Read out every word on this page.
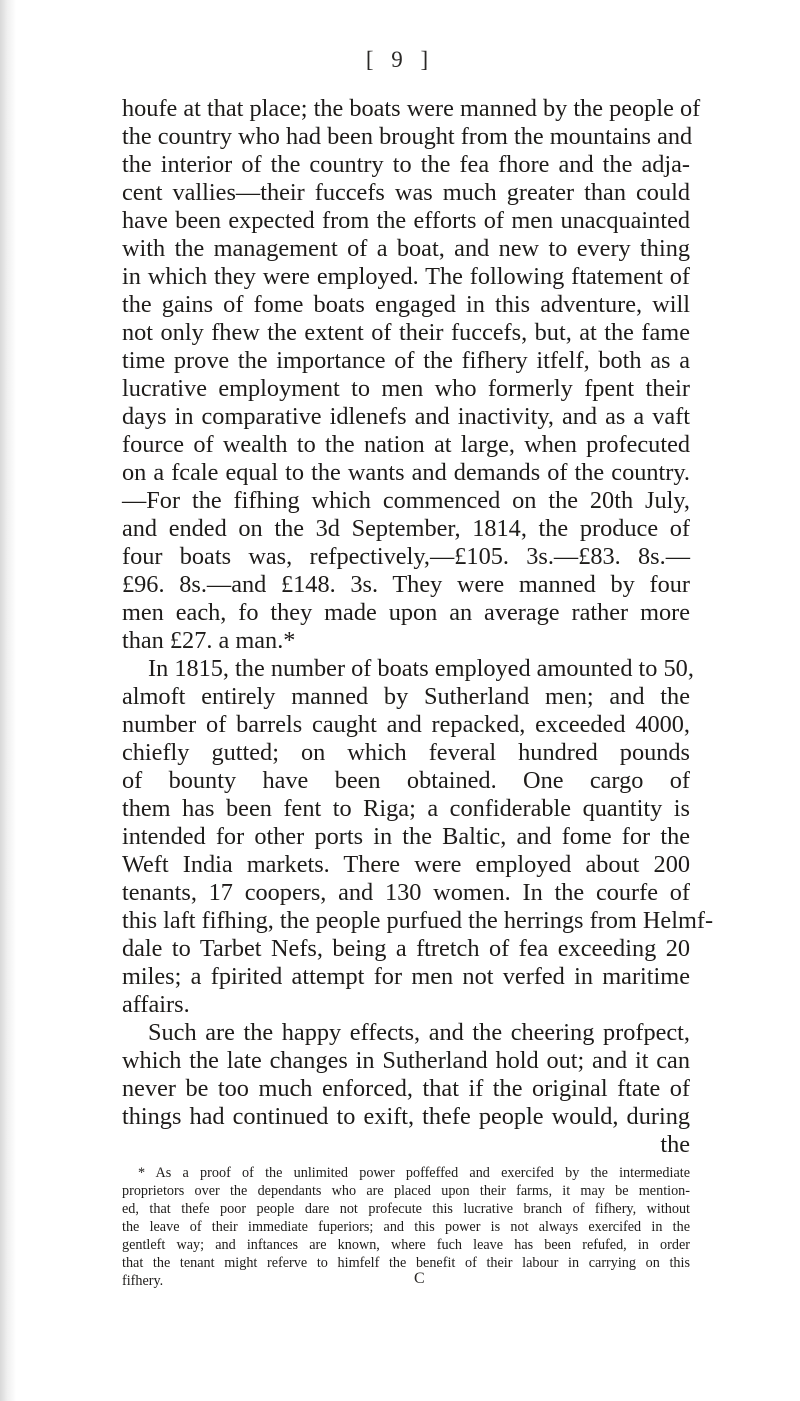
[ 9 ]
houfe at that place; the boats were manned by the people of
the country who had been brought from the mountains and
the interior of the country to the fea fhore and the adja-
cent vallies—their fuccefs was much greater than could
have been expected from the efforts of men unacquainted
with the management of a boat, and new to every thing
in which they were employed. The following ftatement of
the gains of fome boats engaged in this adventure, will
not only fhew the extent of their fuccefs, but, at the fame
time prove the importance of the fifhery itfelf, both as a
lucrative employment to men who formerly fpent their
days in comparative idlenefs and inactivity, and as a vaft
fource of wealth to the nation at large, when profecuted
on a fcale equal to the wants and demands of the country.
—For the fifhing which commenced on the 20th July,
and ended on the 3d September, 1814, the produce of
four boats was, refpectively,—£105. 3s.—£83. 8s.—
£96. 8s.—and £148. 3s. They were manned by four
men each, fo they made upon an average rather more
than £27. a man.*
In 1815, the number of boats employed amounted to 50,
almoft entirely manned by Sutherland men; and the
number of barrels caught and repacked, exceeded 4000,
chiefly gutted; on which feveral hundred pounds
of bounty have been obtained. One cargo of
them has been fent to Riga; a confiderable quantity is
intended for other ports in the Baltic, and fome for the
Weft India markets. There were employed about 200
tenants, 17 coopers, and 130 women. In the courfe of
this laft fifhing, the people purfued the herrings from Helmf-
dale to Tarbet Nefs, being a ftretch of fea exceeding 20
miles; a fpirited attempt for men not verfed in maritime
affairs.
Such are the happy effects, and the cheering profpect,
which the late changes in Sutherland hold out; and it can
never be too much enforced, that if the original ftate of
things had continued to exift, thefe people would, during
the
* As a proof of the unlimited power poffeffed and exercifed by the intermediate
proprietors over the dependants who are placed upon their farms, it may be mention-
ed, that thefe poor people dare not profecute this lucrative branch of fifhery, without
the leave of their immediate fuperiors; and this power is not always exercifed in the
gentleft way; and inftances are known, where fuch leave has been refufed, in order
that the tenant might referve to himfelf the benefit of their labour in carrying on this
fifhery.	C
